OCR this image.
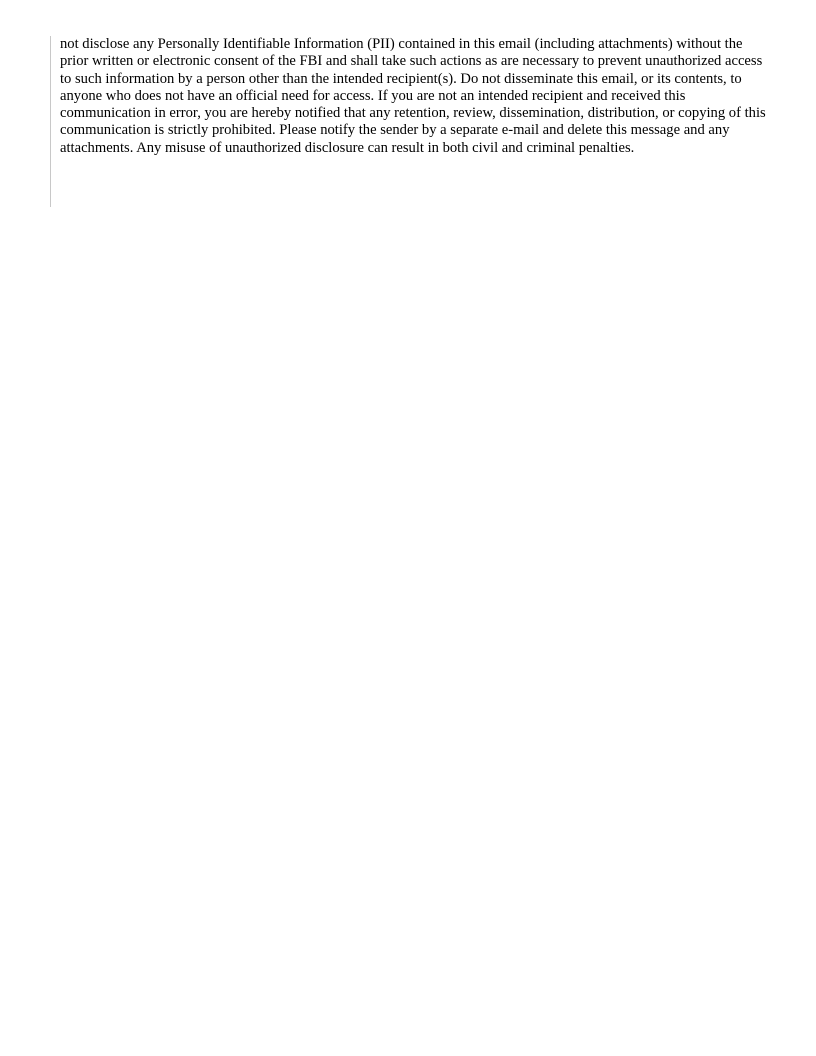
not disclose any Personally Identifiable Information (PII) contained in this email (including attachments) without the prior written or electronic consent of the FBI and shall take such actions as are necessary to prevent unauthorized access to such information by a person other than the intended recipient(s). Do not disseminate this email, or its contents, to anyone who does not have an official need for access. If you are not an intended recipient and received this communication in error, you are hereby notified that any retention, review, dissemination, distribution, or copying of this communication is strictly prohibited. Please notify the sender by a separate e-mail and delete this message and any attachments. Any misuse of unauthorized disclosure can result in both civil and criminal penalties.
